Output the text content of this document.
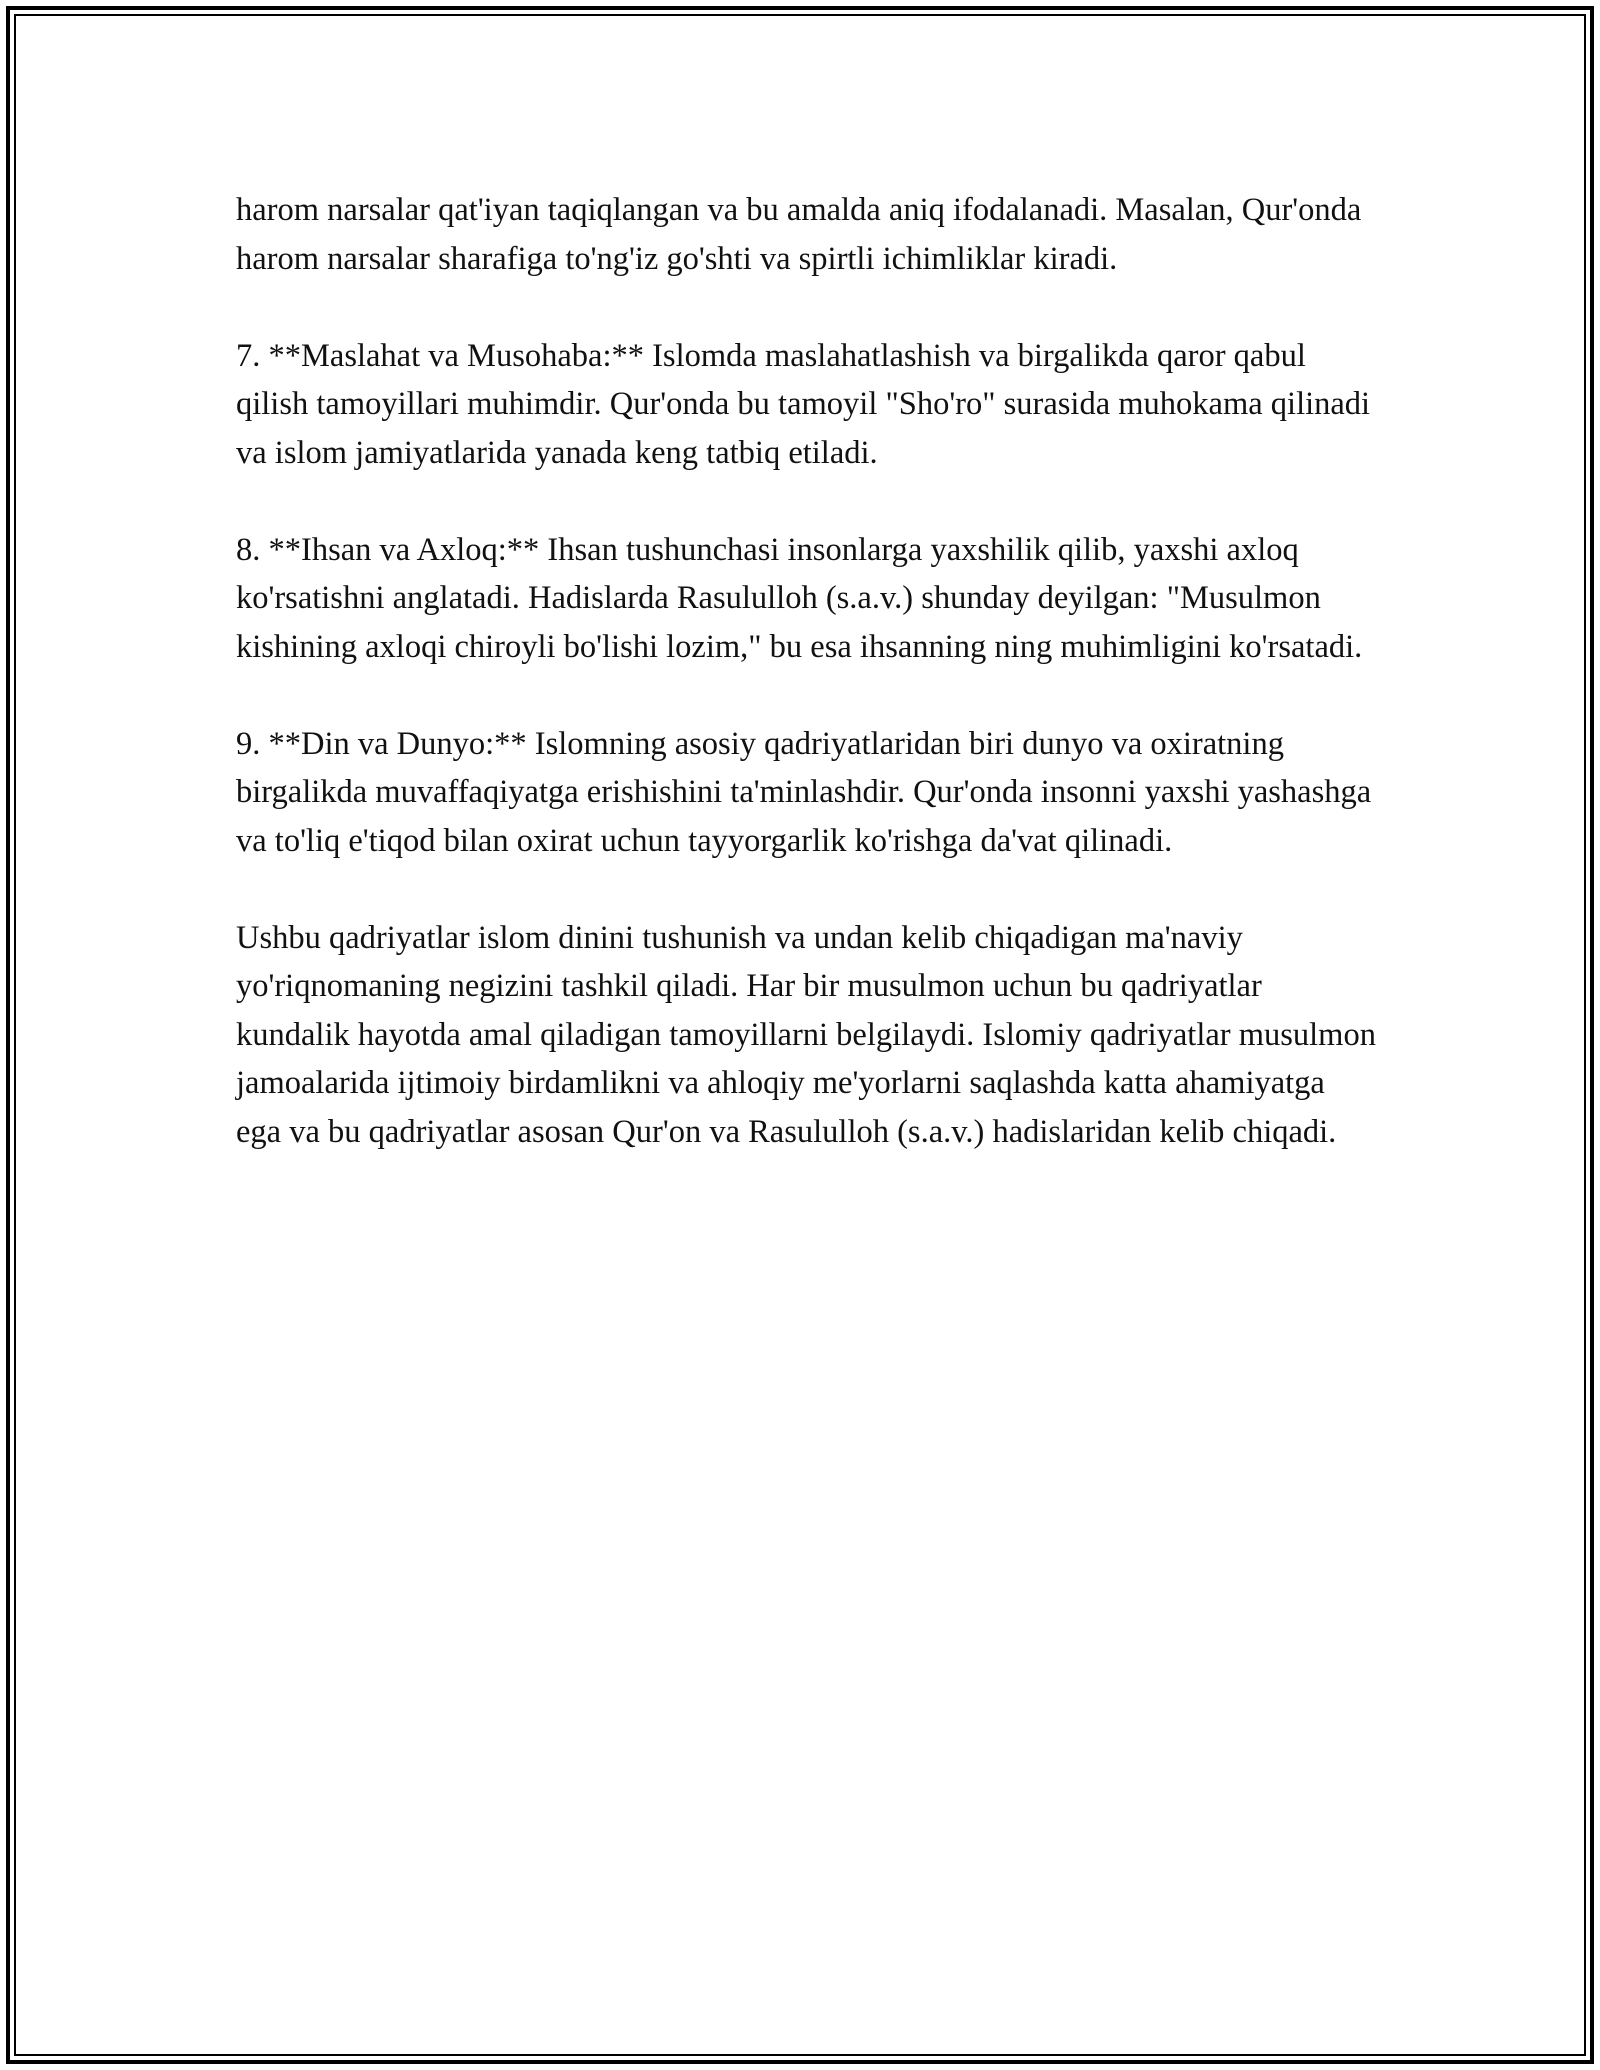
harom narsalar qat'iyan taqiqlangan va bu amalda aniq ifodalanadi. Masalan, Qur'onda harom narsalar sharafiga to'ng'iz go'shti va spirtli ichimliklar kiradi.

7. **Maslahat va Musohaba:** Islomda maslahatlashish va birgalikda qaror qabul qilish tamoyillari muhimdir. Qur'onda bu tamoyil "Sho'ro" surasida muhokama qilinadi va islom jamiyatlarida yanada keng tatbiq etiladi.

8. **Ihsan va Axloq:** Ihsan tushunchasi insonlarga yaxshilik qilib, yaxshi axloq ko'rsatishni anglatadi. Hadislarda Rasululloh (s.a.v.) shunday deyilgan: "Musulmon kishining axloqi chiroyli bo'lishi lozim," bu esa ihsanning ning muhimligini ko'rsatadi.

9. **Din va Dunyo:** Islomning asosiy qadriyatlaridan biri dunyo va oxiratning birgalikda muvaffaqiyatga erishishini ta'minlashdir. Qur'onda insonni yaxshi yashashga va to'liq e'tiqod bilan oxirat uchun tayyorgarlik ko'rishga da'vat qilinadi.

Ushbu qadriyatlar islom dinini tushunish va undan kelib chiqadigan ma'naviy yo'riqnomaning negizini tashkil qiladi. Har bir musulmon uchun bu qadriyatlar kundalik hayotda amal qiladigan tamoyillarni belgilaydi. Islomiy qadriyatlar musulmon jamoalarida ijtimoiy birdamlikni va ahloqiy me'yorlarni saqlashda katta ahamiyatga ega va bu qadriyatlar asosan Qur'on va Rasululloh (s.a.v.) hadislaridan kelib chiqadi.
